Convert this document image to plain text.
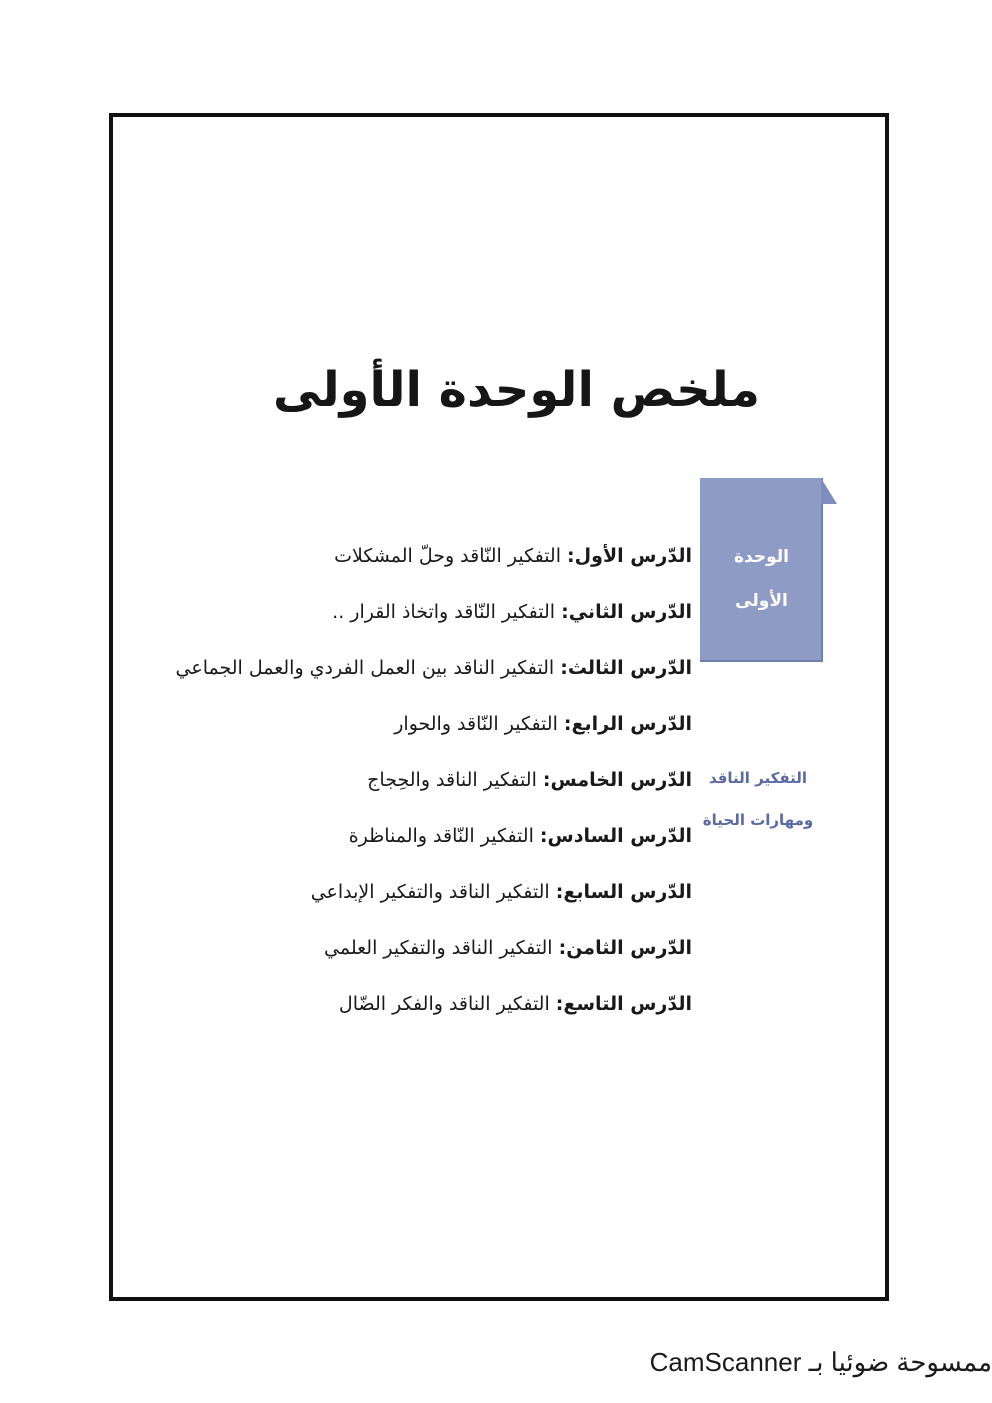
ملخص الوحدة الأولى
الوحدة
الأولى
التفكير الناقد
ومهارات الحياة
الدّرس الأول: التفكير النّاقد وحلّ المشكلات
الدّرس الثاني: التفكير النّاقد واتخاذ القرار ..
الدّرس الثالث: التفكير الناقد بين العمل الفردي والعمل الجماعي
الدّرس الرابع: التفكير النّاقد والحوار
الدّرس الخامس: التفكير الناقد والحِجاج
الدّرس السادس: التفكير النّاقد والمناظرة
الدّرس السابع: التفكير الناقد والتفكير الإبداعي
الدّرس الثامن: التفكير الناقد والتفكير العلمي
الدّرس التاسع: التفكير الناقد والفكر الضّال
ممسوحة ضوئيا بـ CamScanner
